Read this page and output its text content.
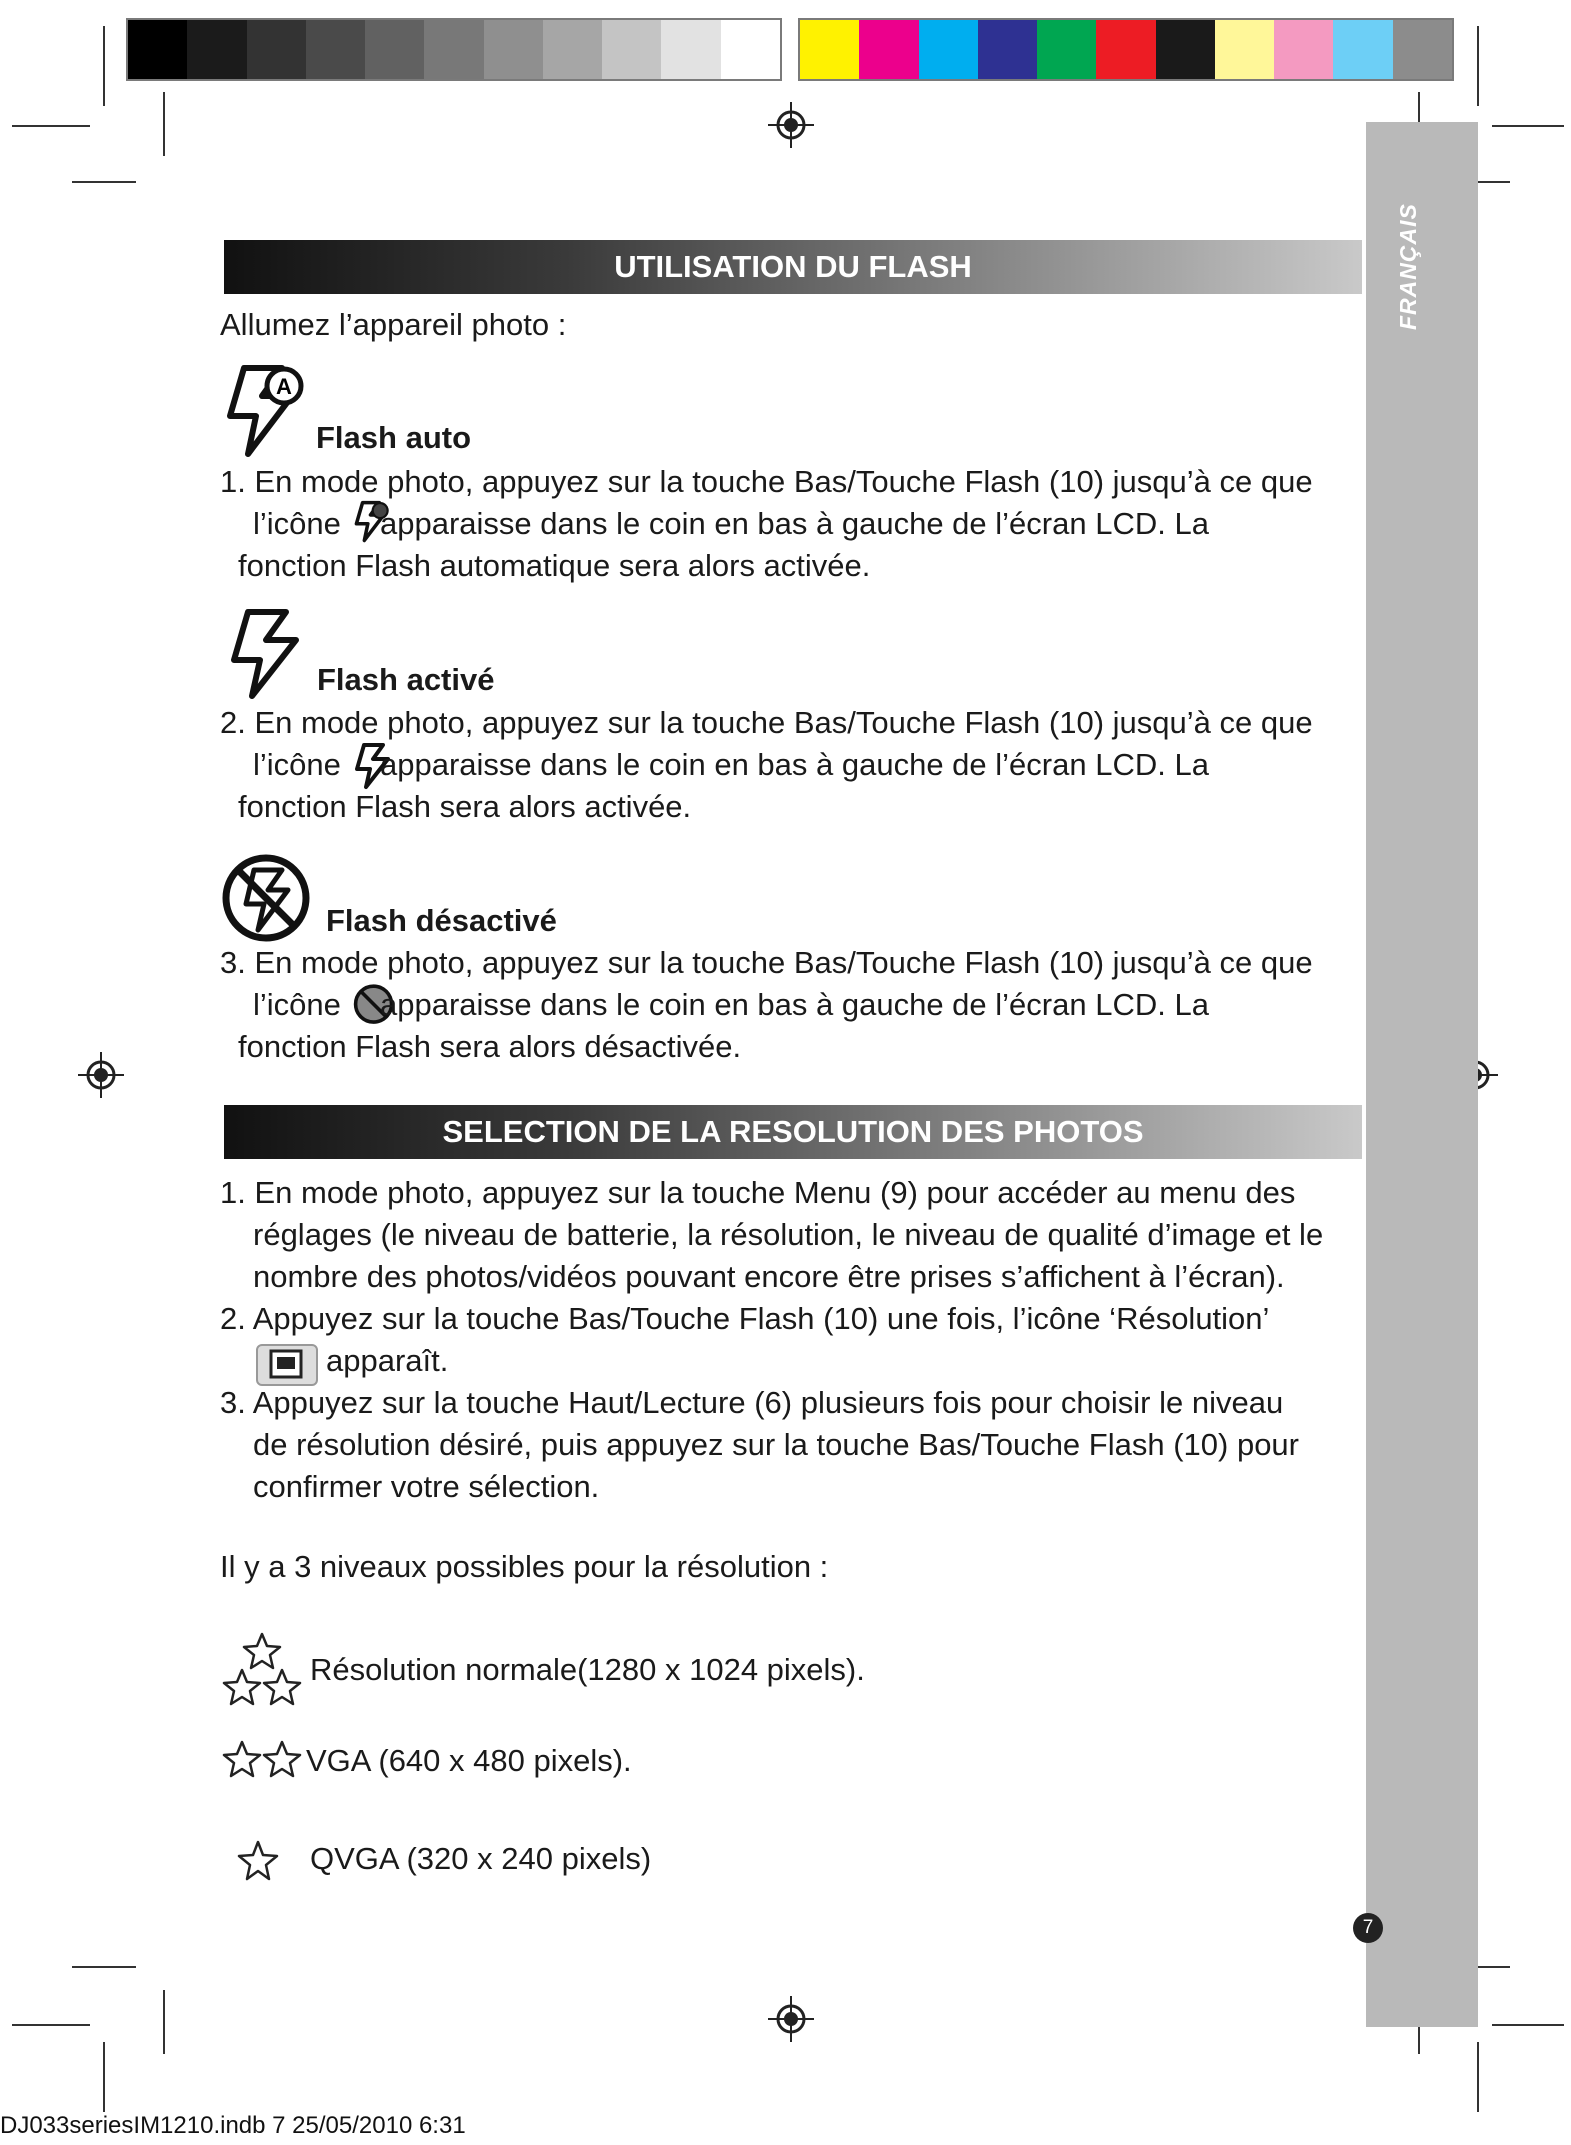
FRANÇAIS
UTILISATION DU FLASH
Allumez l’appareil photo :
A
Flash auto
1. En mode photo, appuyez sur la touche Bas/Touche Flash (10) jusqu’à ce que
l’icône apparaisse dans le coin en bas à gauche de l’écran LCD. La
fonction Flash automatique sera alors activée.
Flash activé
2. En mode photo, appuyez sur la touche Bas/Touche Flash (10) jusqu’à ce que
l’icône apparaisse dans le coin en bas à gauche de l’écran LCD. La
fonction Flash sera alors activée.
Flash désactivé
3. En mode photo, appuyez sur la touche Bas/Touche Flash (10) jusqu’à ce que
l’icône apparaisse dans le coin en bas à gauche de l’écran LCD. La
fonction Flash sera alors désactivée.
SELECTION DE LA RESOLUTION DES PHOTOS
1. En mode photo, appuyez sur la touche Menu (9) pour accéder au menu des
réglages (le niveau de batterie, la résolution, le niveau de qualité d’image et le
nombre des photos/vidéos pouvant encore être prises s’affichent à l’écran).
2. Appuyez sur la touche Bas/Touche Flash (10) une fois, l’icône ‘Résolution’
apparaît.
3. Appuyez sur la touche Haut/Lecture (6) plusieurs fois pour choisir le niveau
de résolution désiré, puis appuyez sur la touche Bas/Touche Flash (10) pour
confirmer votre sélection.
Il y a 3 niveaux possibles pour la résolution :
Résolution normale(1280 x 1024 pixels).
VGA (640 x 480 pixels).
QVGA (320 x 240 pixels)
7
DJ033seriesIM1210.indb 7 25/05/2010 6:31
